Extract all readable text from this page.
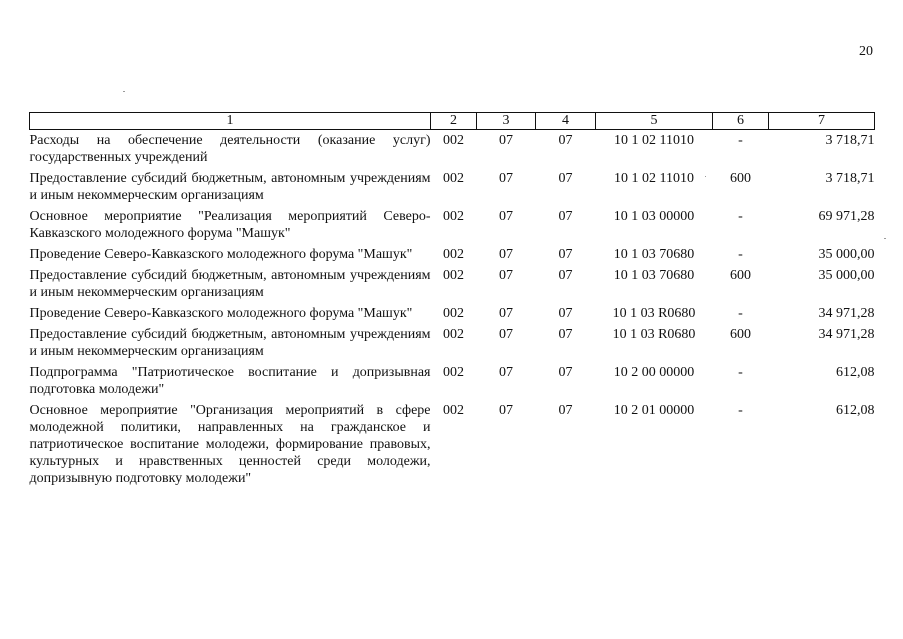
20
1	2	3	4	5	6	7
Расходы на обеспечение деятельности (оказание услуг) государственных учреждений	002	07	07	10 1 02 11010	-	3 718,71
Предоставление субсидий бюджетным, автономным учреждениям и иным некоммерческим организациям	002	07	07	10 1 02 11010	600	3 718,71
Основное мероприятие "Реализация мероприятий Северо-Кавказского молодежного форума "Машук"	002	07	07	10 1 03 00000	-	69 971,28
Проведение Северо-Кавказского молодежного форума "Машук"	002	07	07	10 1 03 70680	-	35 000,00
Предоставление субсидий бюджетным, автономным учреждениям и иным некоммерческим организациям	002	07	07	10 1 03 70680	600	35 000,00
Проведение Северо-Кавказского молодежного форума "Машук"	002	07	07	10 1 03 R0680	-	34 971,28
Предоставление субсидий бюджетным, автономным учреждениям и иным некоммерческим организациям	002	07	07	10 1 03 R0680	600	34 971,28
Подпрограмма "Патриотическое воспитание и допризывная подготовка молодежи"	002	07	07	10 2 00 00000	-	612,08
Основное мероприятие "Организация мероприятий в сфере молодежной политики, направленных на гражданское и патриотическое воспитание молодежи, формирование правовых, культурных и нравственных ценностей среди молодежи, допризывную подготовку молодежи"	002	07	07	10 2 01 00000	-	612,08
